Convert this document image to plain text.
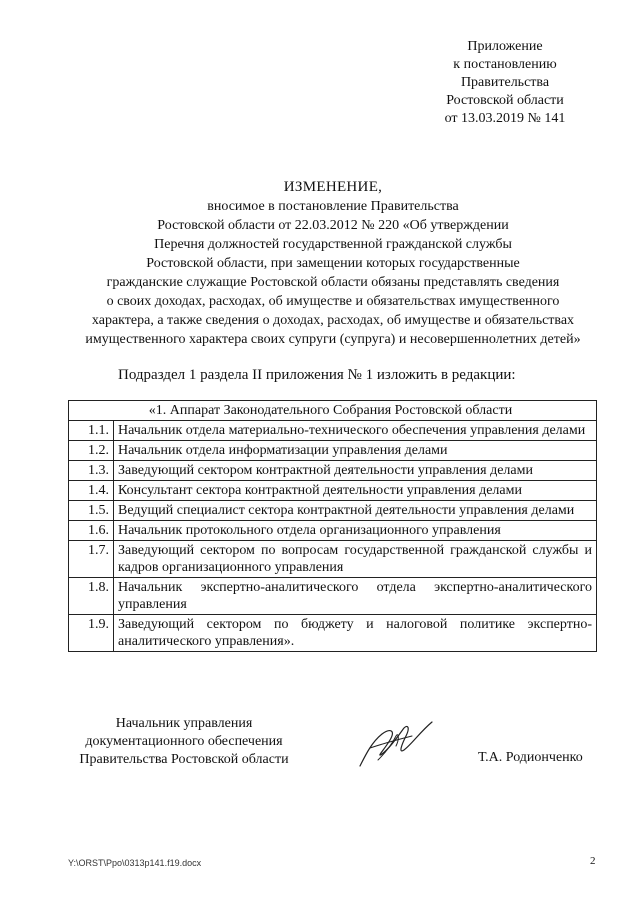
Приложение
к постановлению
Правительства
Ростовской области
от 13.03.2019 № 141
ИЗМЕНЕНИЕ,
вносимое в постановление Правительства
Ростовской области от 22.03.2012 № 220 «Об утверждении
Перечня должностей государственной гражданской службы
Ростовской области, при замещении которых государственные
гражданские служащие Ростовской области обязаны представлять сведения
о своих доходах, расходах, об имуществе и обязательствах имущественного
характера, а также сведения о доходах, расходах, об имуществе и обязательствах
имущественного характера своих супруги (супруга) и несовершеннолетних детей»
Подраздел 1 раздела II приложения № 1 изложить в редакции:
«1. Аппарат Законодательного Собрания Ростовской области	
1.1.	Начальник отдела материально-технического обеспечения управления делами
1.2.	Начальник отдела информатизации управления делами
1.3.	Заведующий сектором контрактной деятельности управления делами
1.4.	Консультант сектора контрактной деятельности управления делами
1.5.	Ведущий специалист сектора контрактной деятельности управления делами
1.6.	Начальник протокольного отдела организационного управления
1.7.	Заведующий сектором по вопросам государственной гражданской службы и кадров организационного управления
1.8.	Начальник экспертно-аналитического отдела экспертно-аналитического управления
1.9.	Заведующий сектором по бюджету и налоговой политике экспертно-аналитического управления».
Начальник управления
документационного обеспечения
Правительства Ростовской области	Т.А. Родионченко
Y:\ORST\Ppo\0313p141.f19.docx	2
